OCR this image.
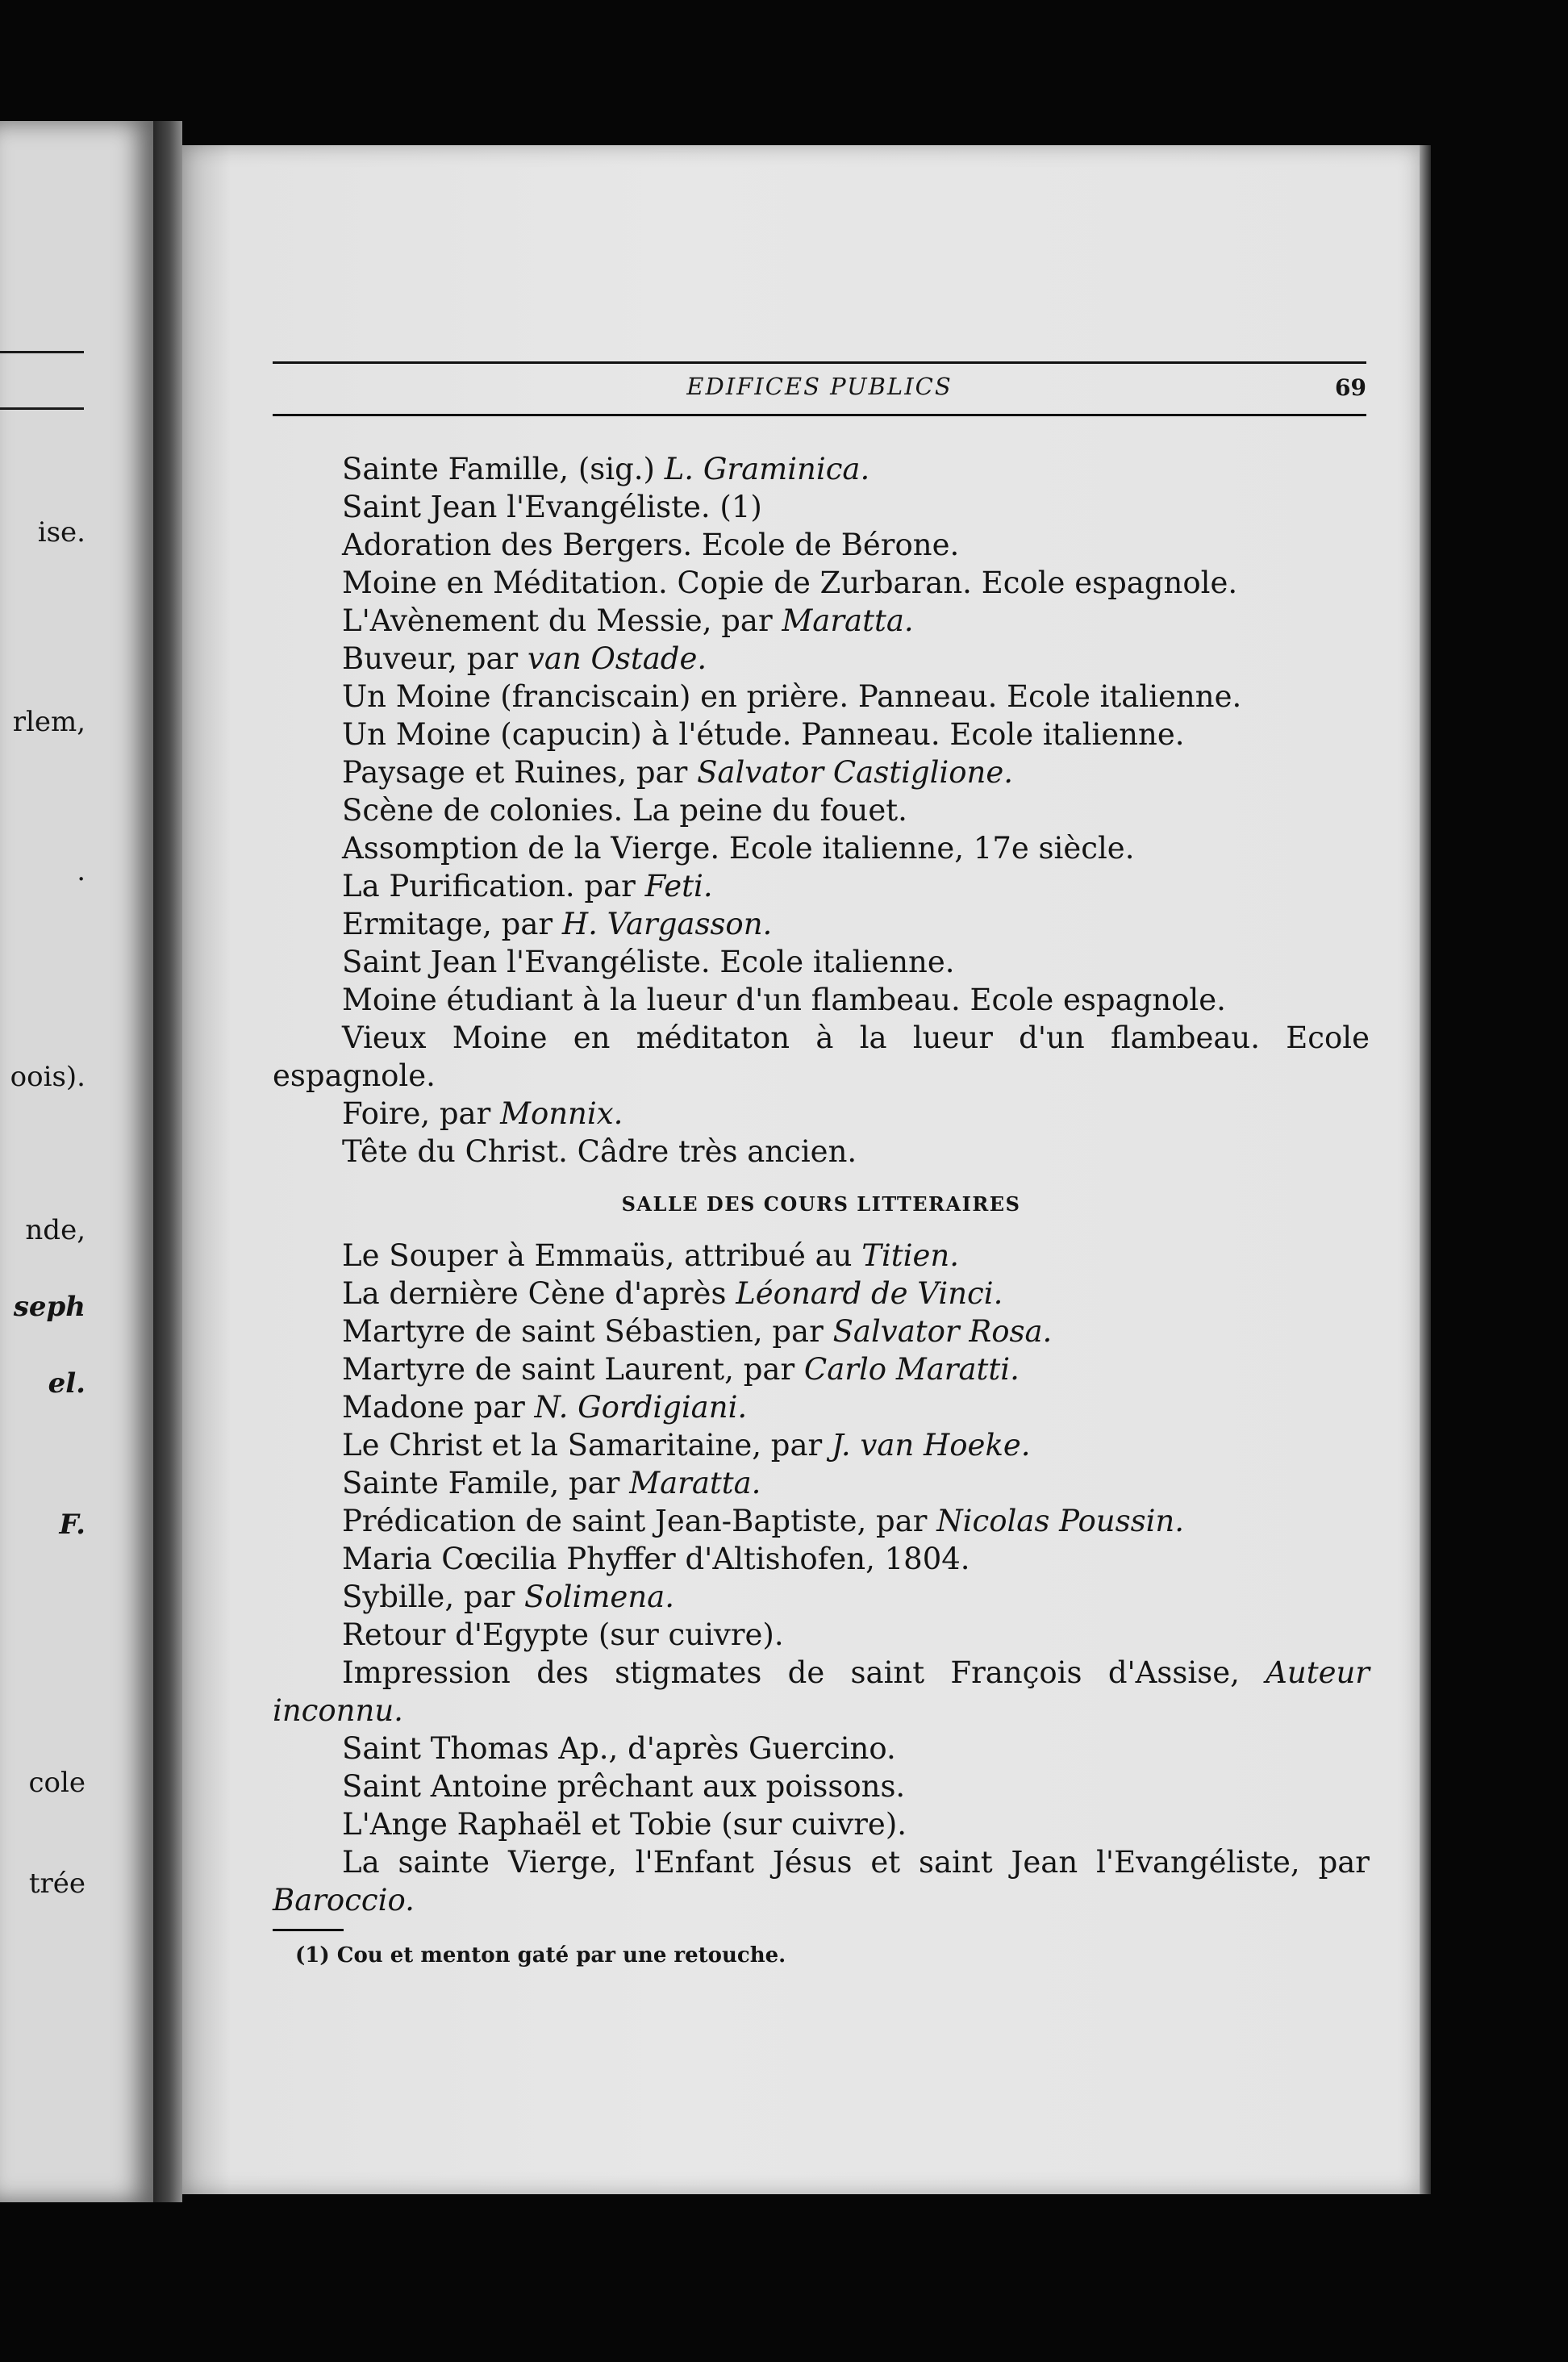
ise.
rlem,
.
oois).
nde,
seph
el.
F.
cole
trée
EDIFICES PUBLICS	69

Sainte Famille, (sig.) L. Graminica.

Saint Jean l'Evangéliste. (1)

Adoration des Bergers. Ecole de Bérone.

Moine en Méditation. Copie de Zurbaran. Ecole espagnole.

L'Avènement du Messie, par Maratta.

Buveur, par van Ostade.

Un Moine (franciscain) en prière. Panneau. Ecole italienne.

Un Moine (capucin) à l'étude. Panneau. Ecole italienne.

Paysage et Ruines, par Salvator Castiglione.

Scène de colonies. La peine du fouet.

Assomption de la Vierge. Ecole italienne, 17e siècle.

La Purification. par Feti.

Ermitage, par H. Vargasson.

Saint Jean l'Evangéliste. Ecole italienne.

Moine étudiant à la lueur d'un flambeau. Ecole espagnole.

Vieux Moine en méditaton à la lueur d'un flambeau. Ecole espagnole.

Foire, par Monnix.

Tête du Christ. Câdre très ancien.

SALLE DES COURS LITTERAIRES

Le Souper à Emmaüs, attribué au Titien.

La dernière Cène d'après Léonard de Vinci.

Martyre de saint Sébastien, par Salvator Rosa.

Martyre de saint Laurent, par Carlo Maratti.

Madone par N. Gordigiani.

Le Christ et la Samaritaine, par J. van Hoeke.

Sainte Famile, par Maratta.

Prédication de saint Jean-Baptiste, par Nicolas Poussin.

Maria Cœcilia Phyffer d'Altishofen, 1804.

Sybille, par Solimena.

Retour d'Egypte (sur cuivre).

Impression des stigmates de saint François d'Assise, Auteur inconnu.

Saint Thomas Ap., d'après Guercino.

Saint Antoine prêchant aux poissons.

L'Ange Raphaël et Tobie (sur cuivre).

La sainte Vierge, l'Enfant Jésus et saint Jean l'Evangéliste, par Baroccio.

(1) Cou et menton gaté par une retouche.
